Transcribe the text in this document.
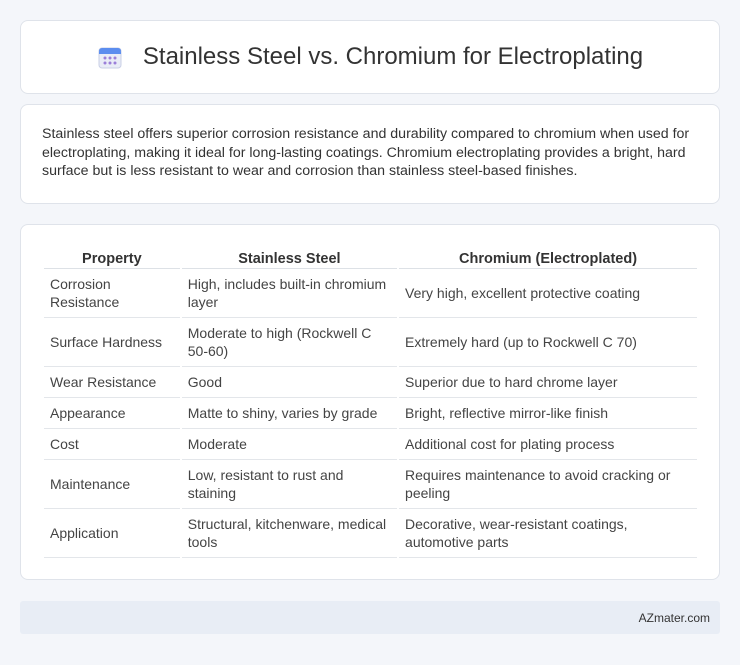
Stainless Steel vs. Chromium for Electroplating

Stainless steel offers superior corrosion resistance and durability compared to chromium when used for electroplating, making it ideal for long-lasting coatings. Chromium electroplating provides a bright, hard surface but is less resistant to wear and corrosion than stainless steel-based finishes.

Property	Stainless Steel	Chromium (Electroplated)
Corrosion Resistance	High, includes built-in chromium layer	Very high, excellent protective coating
Surface Hardness	Moderate to high (Rockwell C 50-60)	Extremely hard (up to Rockwell C 70)
Wear Resistance	Good	Superior due to hard chrome layer
Appearance	Matte to shiny, varies by grade	Bright, reflective mirror-like finish
Cost	Moderate	Additional cost for plating process
Maintenance	Low, resistant to rust and staining	Requires maintenance to avoid cracking or peeling
Application	Structural, kitchenware, medical tools	Decorative, wear-resistant coatings, automotive parts
AZmater.com
